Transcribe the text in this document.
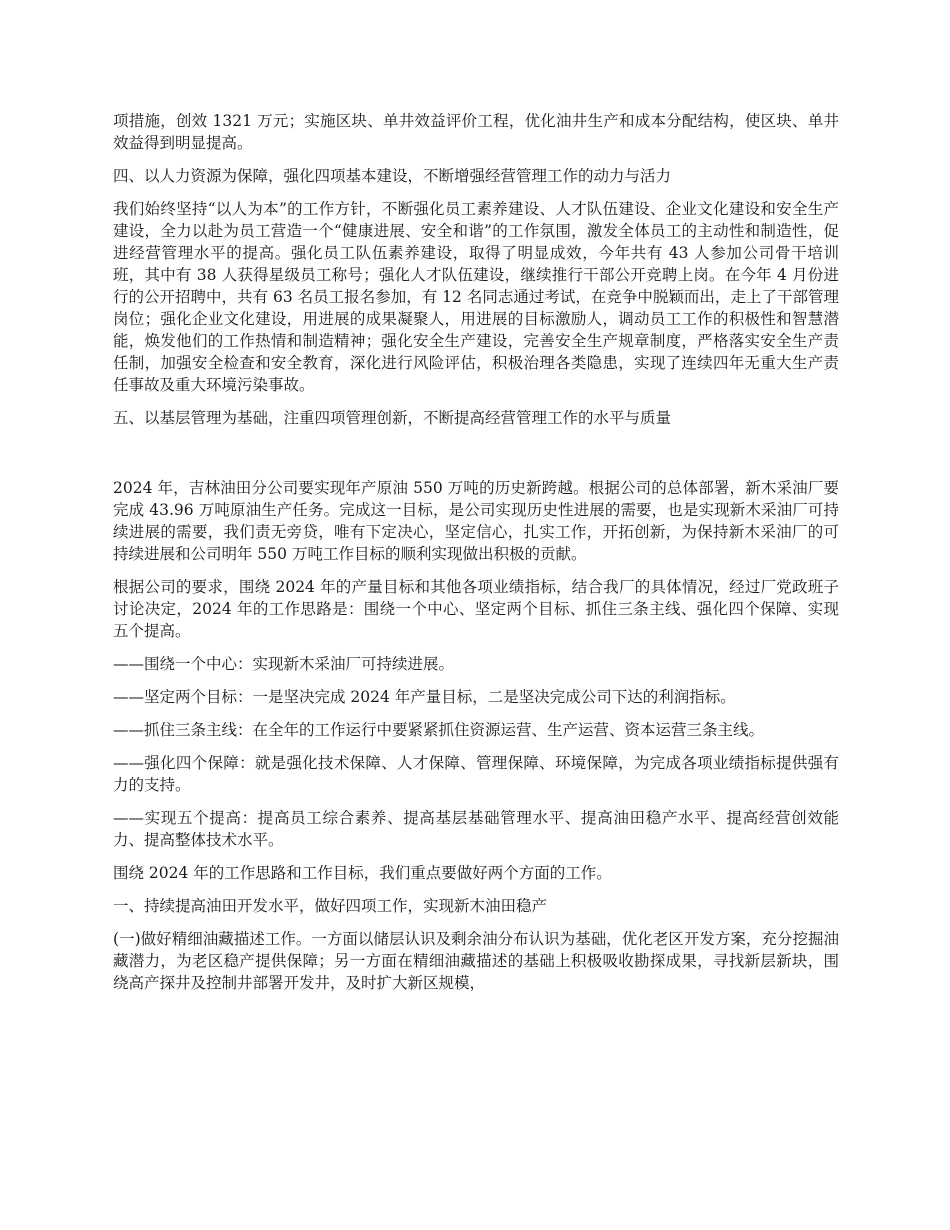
项措施，创效 1321 万元；实施区块、单井效益评价工程，优化油井生产和成本分配结构，使区块、单井效益得到明显提高。

四、以人力资源为保障，强化四项基本建设，不断增强经营管理工作的动力与活力

我们始终坚持“以人为本”的工作方针，不断强化员工素养建设、人才队伍建设、企业文化建设和安全生产建设，全力以赴为员工营造一个“健康进展、安全和谐”的工作氛围，激发全体员工的主动性和制造性，促进经营管理水平的提高。强化员工队伍素养建设，取得了明显成效，今年共有 43 人参加公司骨干培训班，其中有 38 人获得星级员工称号；强化人才队伍建设，继续推行干部公开竞聘上岗。在今年 4 月份进行的公开招聘中，共有 63 名员工报名参加，有 12 名同志通过考试，在竞争中脱颖而出，走上了干部管理岗位；强化企业文化建设，用进展的成果凝聚人，用进展的目标激励人，调动员工工作的积极性和智慧潜能，焕发他们的工作热情和制造精神；强化安全生产建设，完善安全生产规章制度，严格落实安全生产责任制，加强安全检查和安全教育，深化进行风险评估，积极治理各类隐患，实现了连续四年无重大生产责任事故及重大环境污染事故。

五、以基层管理为基础，注重四项管理创新，不断提高经营管理工作的水平与质量

2024 年，吉林油田分公司要实现年产原油 550 万吨的历史新跨越。根据公司的总体部署，新木采油厂要完成 43.96 万吨原油生产任务。完成这一目标，是公司实现历史性进展的需要，也是实现新木采油厂可持续进展的需要，我们责无旁贷，唯有下定决心，坚定信心，扎实工作，开拓创新，为保持新木采油厂的可持续进展和公司明年 550 万吨工作目标的顺利实现做出积极的贡献。

根据公司的要求，围绕 2024 年的产量目标和其他各项业绩指标，结合我厂的具体情况，经过厂党政班子讨论决定，2024 年的工作思路是：围绕一个中心、坚定两个目标、抓住三条主线、强化四个保障、实现五个提高。

——围绕一个中心：实现新木采油厂可持续进展。

——坚定两个目标：一是坚决完成 2024 年产量目标，二是坚决完成公司下达的利润指标。

——抓住三条主线：在全年的工作运行中要紧紧抓住资源运营、生产运营、资本运营三条主线。

——强化四个保障：就是强化技术保障、人才保障、管理保障、环境保障，为完成各项业绩指标提供强有力的支持。

——实现五个提高：提高员工综合素养、提高基层基础管理水平、提高油田稳产水平、提高经营创效能力、提高整体技术水平。

围绕 2024 年的工作思路和工作目标，我们重点要做好两个方面的工作。

一、持续提高油田开发水平，做好四项工作，实现新木油田稳产

(一)做好精细油藏描述工作。一方面以储层认识及剩余油分布认识为基础，优化老区开发方案，充分挖掘油藏潜力，为老区稳产提供保障；另一方面在精细油藏描述的基础上积极吸收勘探成果，寻找新层新块，围绕高产探井及控制井部署开发井，及时扩大新区规模，
